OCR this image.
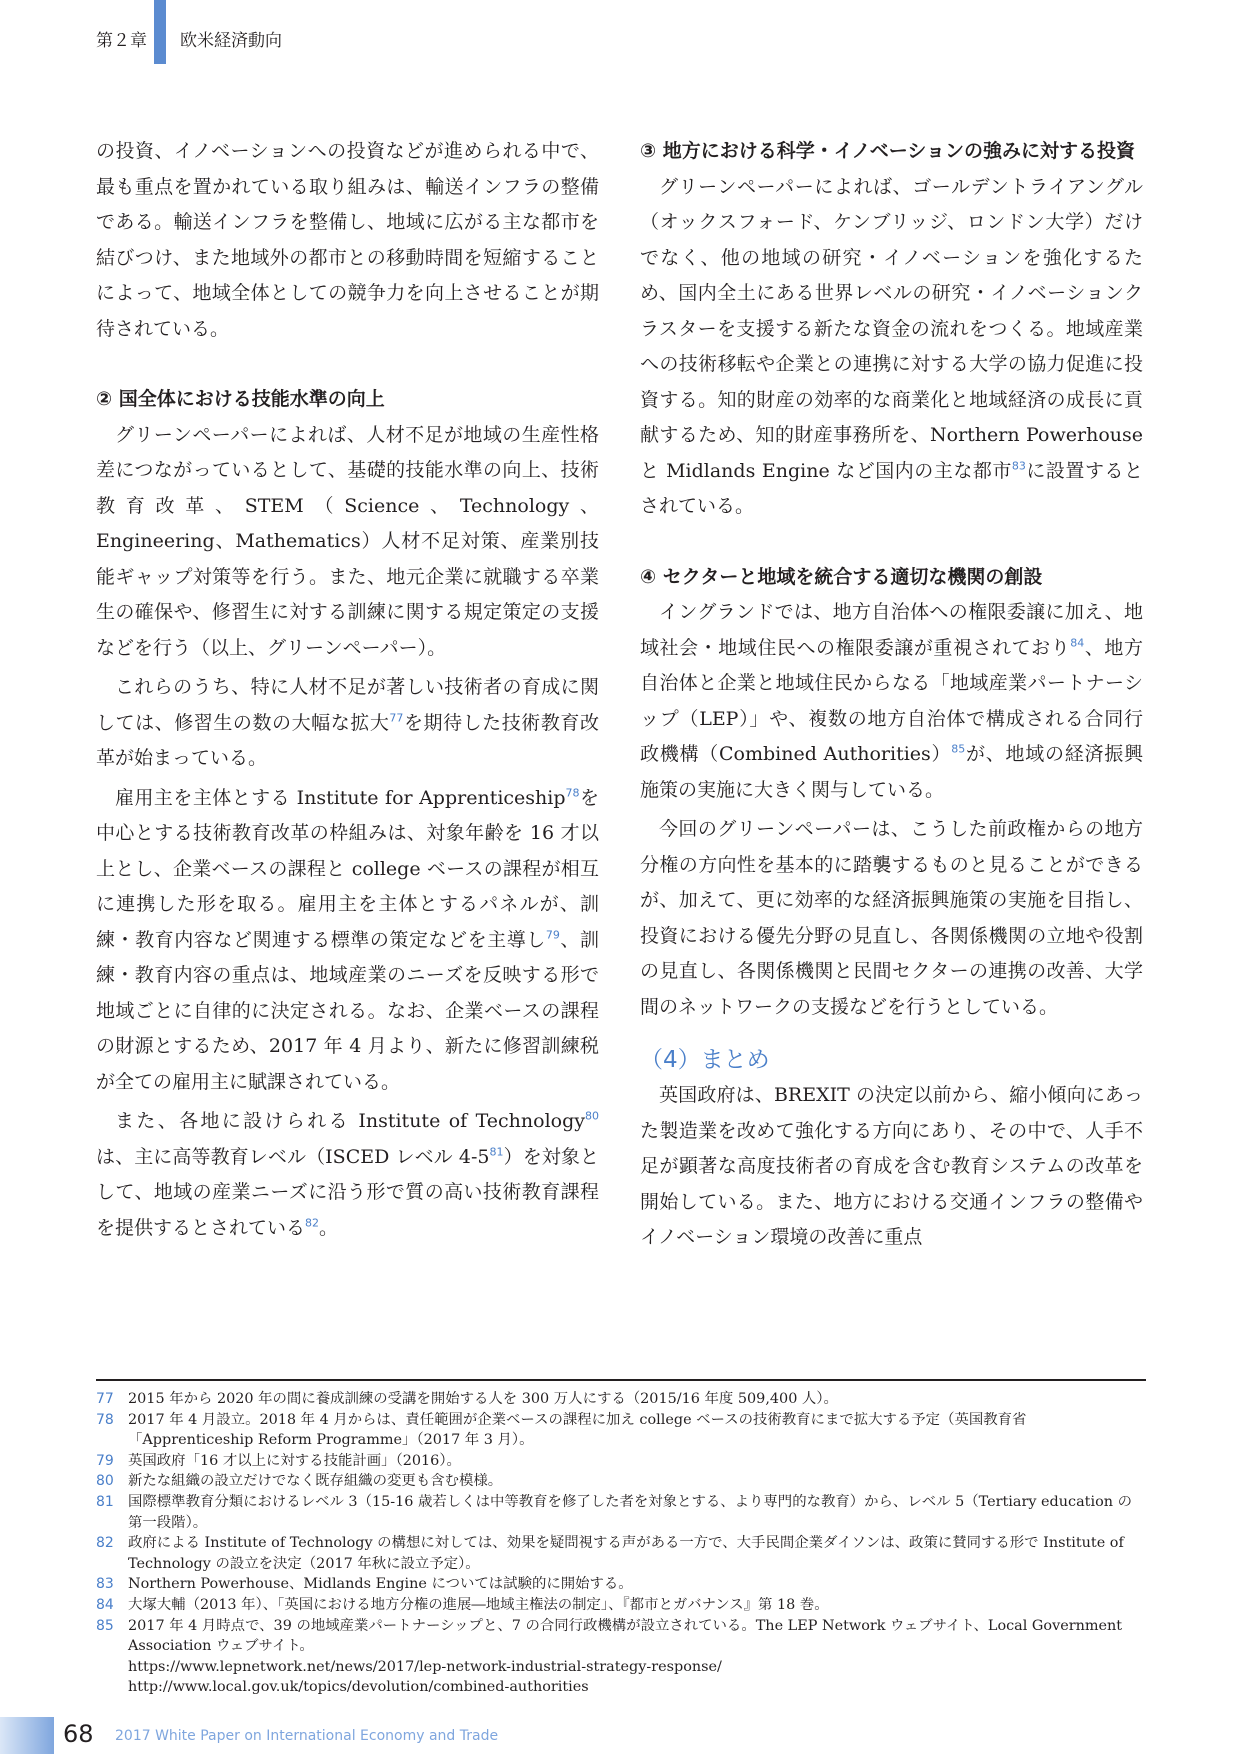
第２章 欧米経済動向

の投資、イノベーションへの投資などが進められる中で、最も重点を置かれている取り組みは、輸送インフラの整備である。輸送インフラを整備し、地域に広がる主な都市を結びつけ、また地域外の都市との移動時間を短縮することによって、地域全体としての競争力を向上させることが期待されている。

② 国全体における技能水準の向上

グリーンペーパーによれば、人材不足が地域の生産性格差につながっているとして、基礎的技能水準の向上、技術教育改革、STEM（Science、Technology、Engineering、Mathematics）人材不足対策、産業別技能ギャップ対策等を行う。また、地元企業に就職する卒業生の確保や、修習生に対する訓練に関する規定策定の支援などを行う（以上、グリーンペーパー）。

これらのうち、特に人材不足が著しい技術者の育成に関しては、修習生の数の大幅な拡大$^{77}$を期待した技術教育改革が始まっている。

雇用主を主体とする Institute for Apprenticeship$^{78}$を中心とする技術教育改革の枠組みは、対象年齢を 16 才以上とし、企業ベースの課程と college ベースの課程が相互に連携した形を取る。雇用主を主体とするパネルが、訓練・教育内容など関連する標準の策定などを主導し$^{79}$、訓練・教育内容の重点は、地域産業のニーズを反映する形で地域ごとに自律的に決定される。なお、企業ベースの課程の財源とするため、2017 年 4 月より、新たに修習訓練税が全ての雇用主に賦課されている。

また、各地に設けられる Institute of Technology$^{80}$は、主に高等教育レベル（ISCED レベル $4-5^{81}$）を対象として、地域の産業ニーズに沿う形で質の高い技術教育課程を提供するとされている$^{82}$。

③ 地方における科学・イノベーションの強みに対する投資

グリーンペーパーによれば、ゴールデントライアングル（オックスフォード、ケンブリッジ、ロンドン大学）だけでなく、他の地域の研究・イノベーションを強化するため、国内全土にある世界レベルの研究・イノベーションクラスターを支援する新たな資金の流れをつくる。地域産業への技術移転や企業との連携に対する大学の協力促進に投資する。知的財産の効率的な商業化と地域経済の成長に貢献するため、知的財産事務所を、Northern Powerhouse と Midlands Engine など国内の主な都市$^{83}$に設置するとされている。

④ セクターと地域を統合する適切な機関の創設

イングランドでは、地方自治体への権限委譲に加え、地域社会・地域住民への権限委譲が重視されており$^{84}$、地方自治体と企業と地域住民からなる「地域産業パートナーシップ（LEP）」や、複数の地方自治体で構成される合同行政機構（Combined Authorities）$^{85}$が、地域の経済振興施策の実施に大きく関与している。

今回のグリーンペーパーは、こうした前政権からの地方分権の方向性を基本的に踏襲するものと見ることができるが、加えて、更に効率的な経済振興施策の実施を目指し、投資における優先分野の見直し、各関係機関の立地や役割の見直し、各関係機関と民間セクターの連携の改善、大学間のネットワークの支援などを行うとしている。

（4）まとめ

英国政府は、BREXIT の決定以前から、縮小傾向にあった製造業を改めて強化する方向にあり、その中で、人手不足が顕著な高度技術者の育成を含む教育システムの改革を開始している。また、地方における交通インフラの整備やイノベーション環境の改善に重点

77 2015 年から 2020 年の間に養成訓練の受講を開始する人を 300 万人にする（2015/16 年度 509,400 人）。

78 2017 年 4 月設立。2018 年 4 月からは、責任範囲が企業ベースの課程に加え college ベースの技術教育にまで拡大する予定（英国教育省「Apprenticeship Reform Programme」（2017 年 3 月）。

79 英国政府「16 才以上に対する技能計画」（2016）。

80 新たな組織の設立だけでなく既存組織の変更も含む模様。

81 国際標準教育分類におけるレベル 3（15-16 歳若しくは中等教育を修了した者を対象とする、より専門的な教育）から、レベル 5（Tertiary education の第一段階）。

82 政府による Institute of Technology の構想に対しては、効果を疑問視する声がある一方で、大手民間企業ダイソンは、政策に賛同する形で Institute of Technology の設立を決定（2017 年秋に設立予定）。

83 Northern Powerhouse、Midlands Engine については試験的に開始する。

84 大塚大輔（2013 年）、「英国における地方分権の進展―地域主権法の制定」、『都市とガバナンス』第 18 巻。

85 2017 年 4 月時点で、39 の地域産業パートナーシップと、7 の合同行政機構が設立されている。The LEP Network ウェブサイト、Local Government Association ウェブサイト。

https://www.lepnetwork.net/news/2017/lep-network-industrial-strategy-response/

http://www.local.gov.uk/topics/devolution/combined-authorities

68 2017 White Paper on International Economy and Trade
